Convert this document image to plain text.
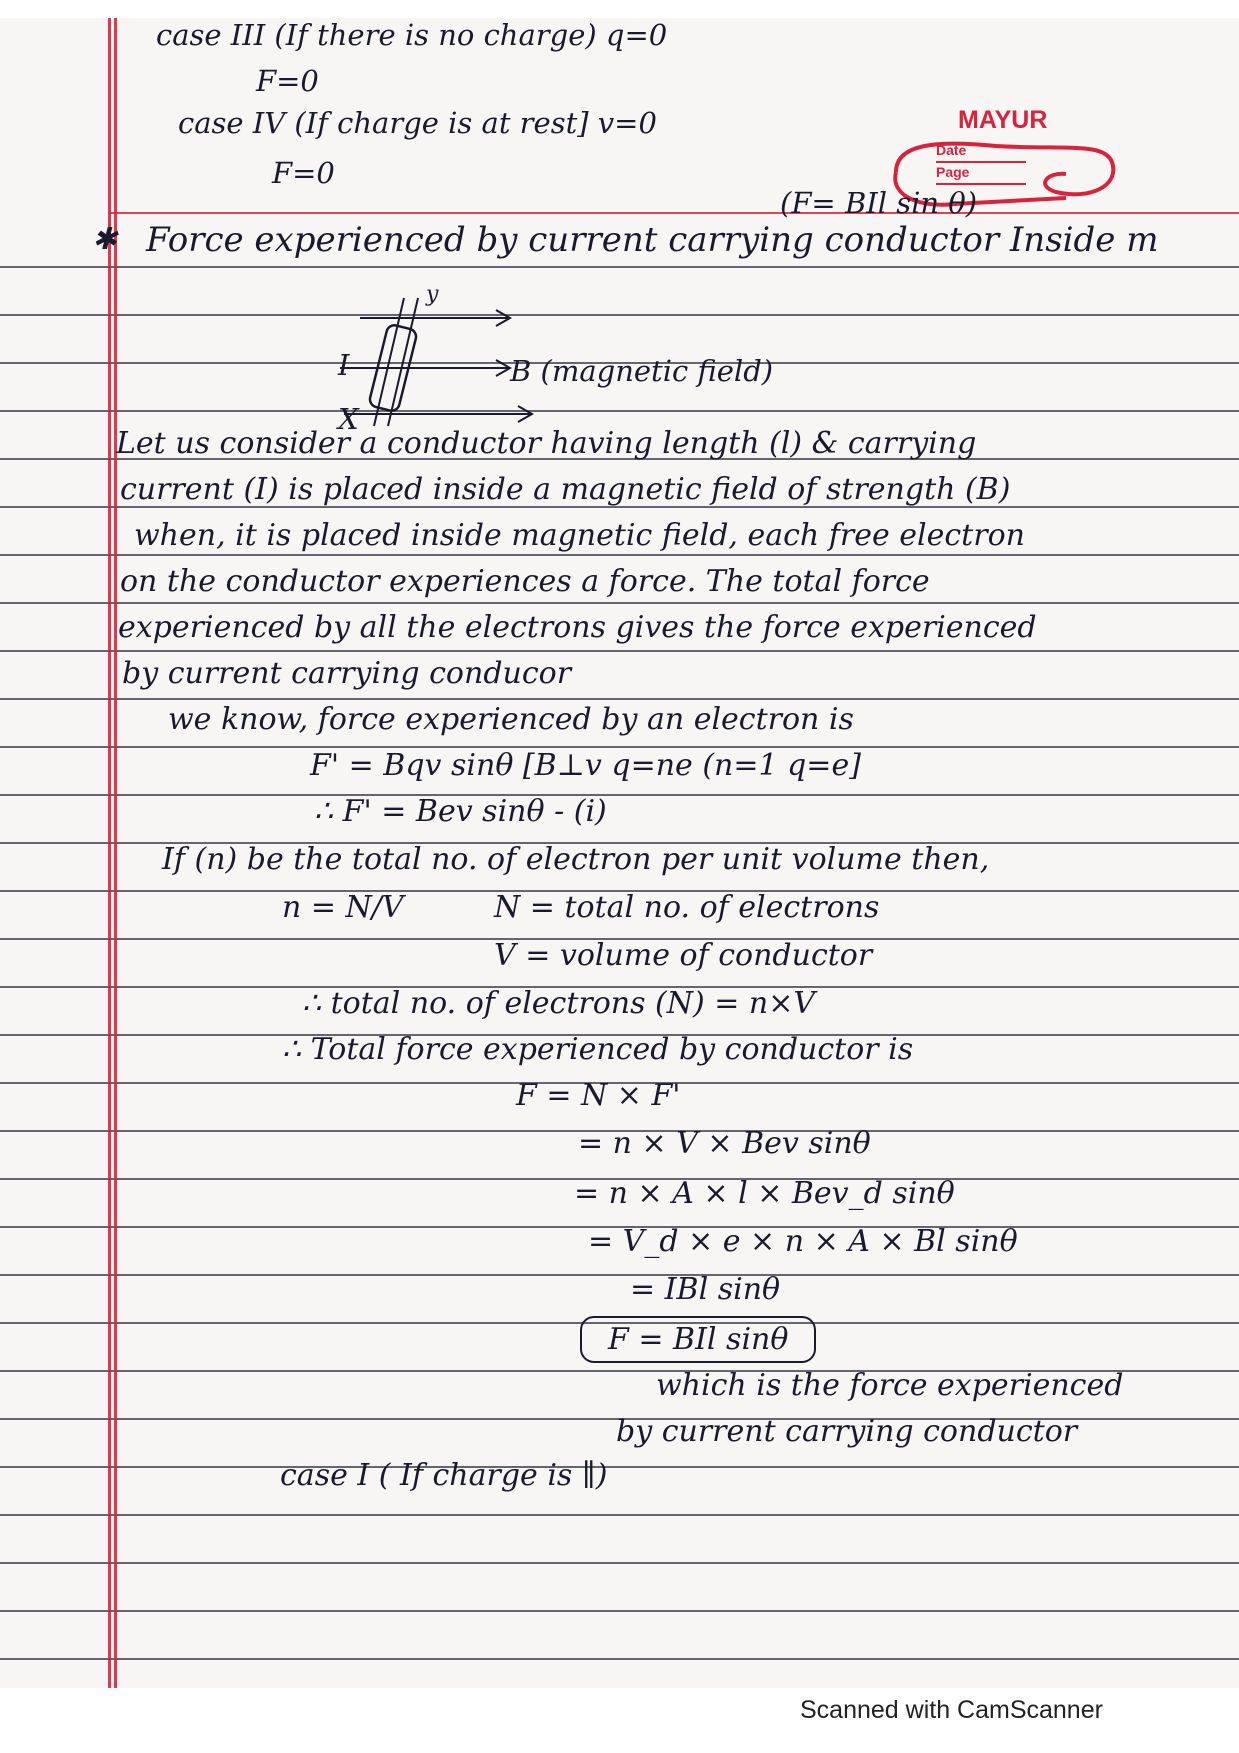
MAYUR
Date
Page
case III (If there is no charge) q=0
F=0
case IV (If charge is at rest] v=0
F=0
(F= BIl sin θ)
✱ Force experienced by current carrying conductor Inside m
I
y
X
B (magnetic field)
Let us consider a conductor having length (l) & carrying
current (I) is placed inside a magnetic field of strength (B)
when, it is placed inside magnetic field, each free electron
on the conductor experiences a force. The total force
experienced by all the electrons gives the force experienced
by current carrying conducor
we know, force experienced by an electron is
F' = Bqv sinθ [B⊥v q=ne (n=1 q=e]
∴ F' = Bev sinθ - (i)
If (n) be the total no. of electron per unit volume then,
n = N/V	N = total no. of electrons
V = volume of conductor
∴ total no. of electrons (N) = n×V
∴ Total force experienced by conductor is
F = N × F'
= n × V × Bev sinθ
= n × A × l × Bev_d sinθ
= V_d × e × n × A × Bl sinθ
= IBl sinθ
F = BIl sinθ
which is the force experienced
by current carrying conductor
case I ( If charge is ∥)
Scanned with CamScanner
